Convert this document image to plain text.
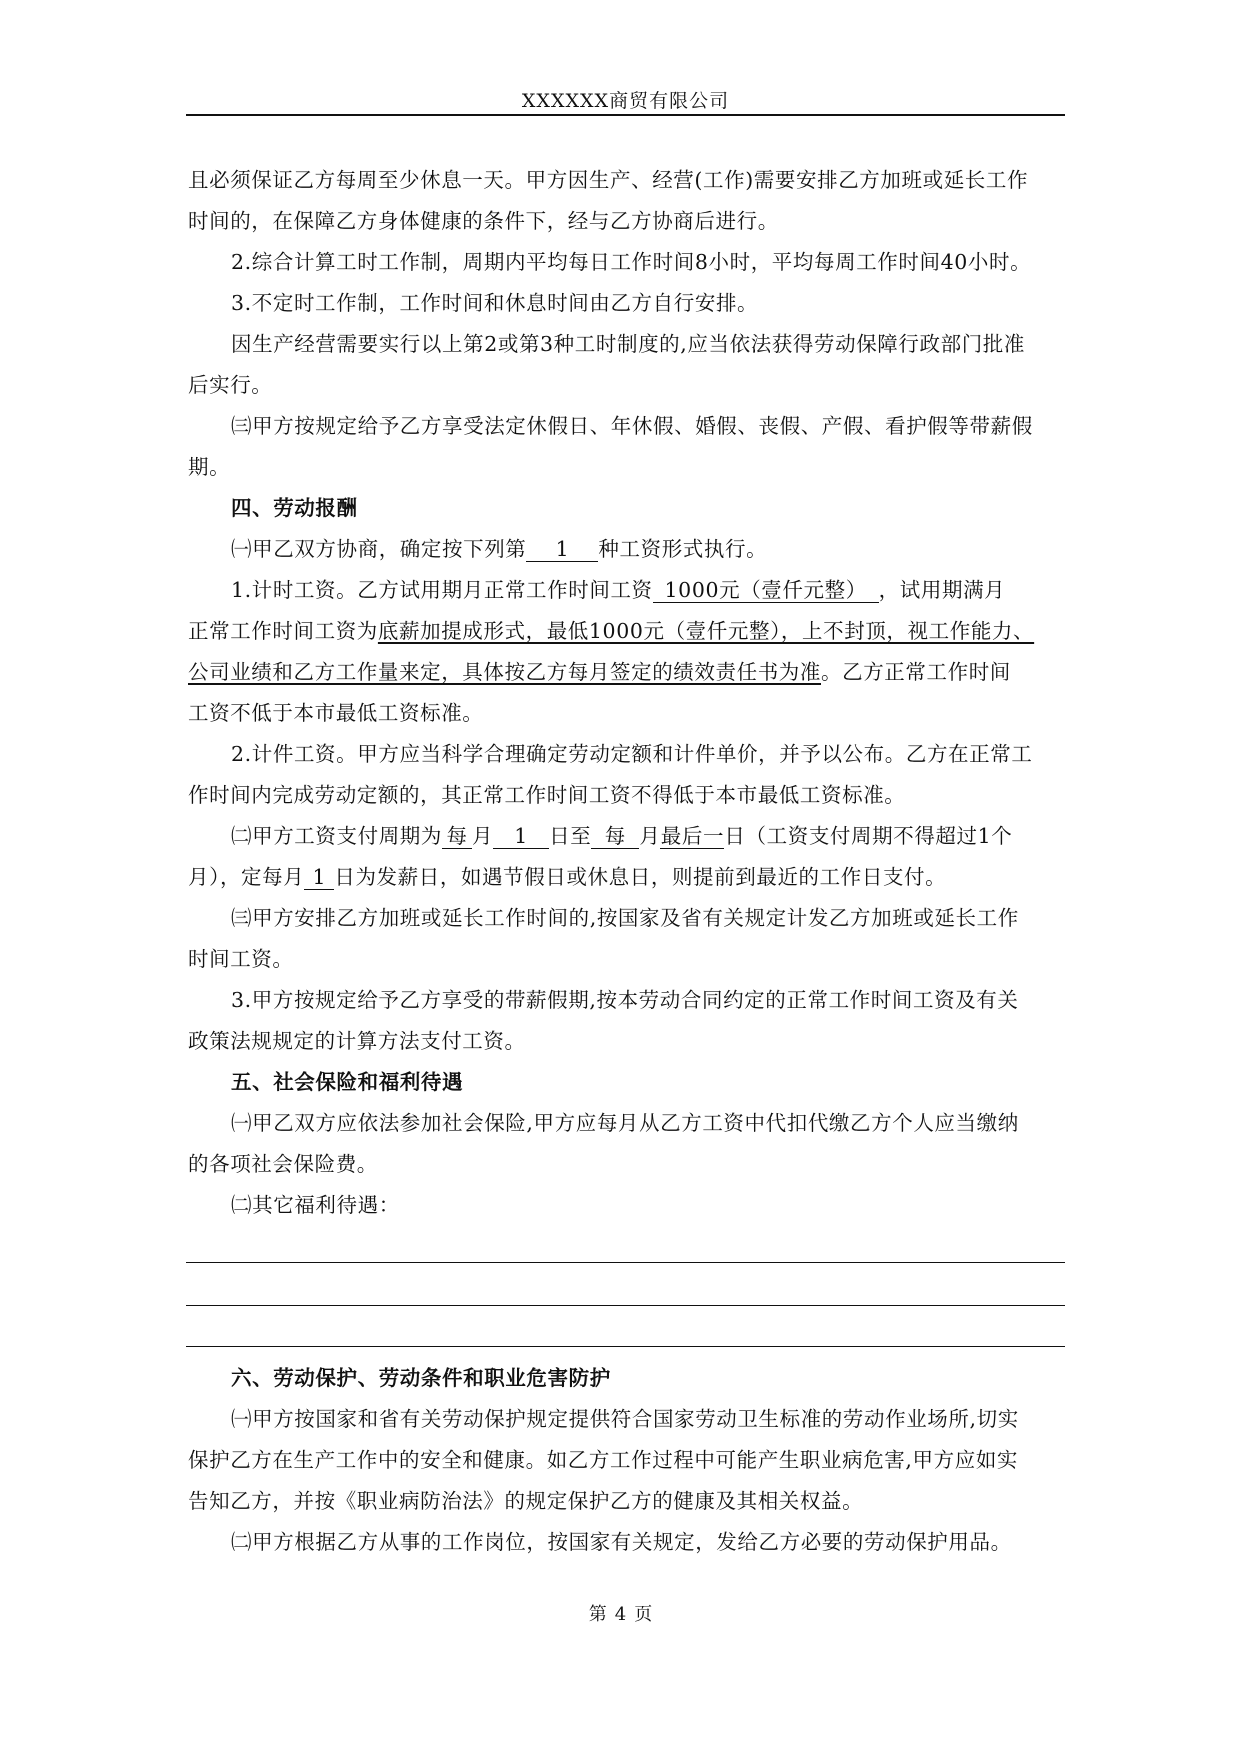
XXXXXX商贸有限公司
且必须保证乙方每周至少休息一天。甲方因生产、经营(工作)需要安排乙方加班或延长工作
时间的，在保障乙方身体健康的条件下，经与乙方协商后进行。
2.综合计算工时工作制，周期内平均每日工作时间8小时，平均每周工作时间40小时。
3.不定时工作制，工作时间和休息时间由乙方自行安排。
因生产经营需要实行以上第2或第3种工时制度的,应当依法获得劳动保障行政部门批准
后实行。
㈢甲方按规定给予乙方享受法定休假日、年休假、婚假、丧假、产假、看护假等带薪假
期。
四、劳动报酬
㈠甲乙双方协商，确定按下列第 1 种工资形式执行。
1.计时工资。乙方试用期月正常工作时间工资 1000元（壹仟元整） ，试用期满月
正常工作时间工资为底薪加提成形式，最低1000元（壹仟元整），上不封顶，视工作能力、
公司业绩和乙方工作量来定，具体按乙方每月签定的绩效责任书为准。乙方正常工作时间
工资不低于本市最低工资标准。
2.计件工资。甲方应当科学合理确定劳动定额和计件单价，并予以公布。乙方在正常工
作时间内完成劳动定额的，其正常工作时间工资不得低于本市最低工资标准。
㈡甲方工资支付周期为 每 月 1 日至 每 月最后一日（工资支付周期不得超过1个
月），定每月 1 日为发薪日，如遇节假日或休息日，则提前到最近的工作日支付。
㈢甲方安排乙方加班或延长工作时间的,按国家及省有关规定计发乙方加班或延长工作
时间工资。
3.甲方按规定给予乙方享受的带薪假期,按本劳动合同约定的正常工作时间工资及有关
政策法规规定的计算方法支付工资。
五、社会保险和福利待遇
㈠甲乙双方应依法参加社会保险,甲方应每月从乙方工资中代扣代缴乙方个人应当缴纳
的各项社会保险费。
㈡其它福利待遇：
六、劳动保护、劳动条件和职业危害防护
㈠甲方按国家和省有关劳动保护规定提供符合国家劳动卫生标准的劳动作业场所,切实
保护乙方在生产工作中的安全和健康。如乙方工作过程中可能产生职业病危害,甲方应如实
告知乙方，并按《职业病防治法》的规定保护乙方的健康及其相关权益。
㈡甲方根据乙方从事的工作岗位，按国家有关规定，发给乙方必要的劳动保护用品。
第 4 页
